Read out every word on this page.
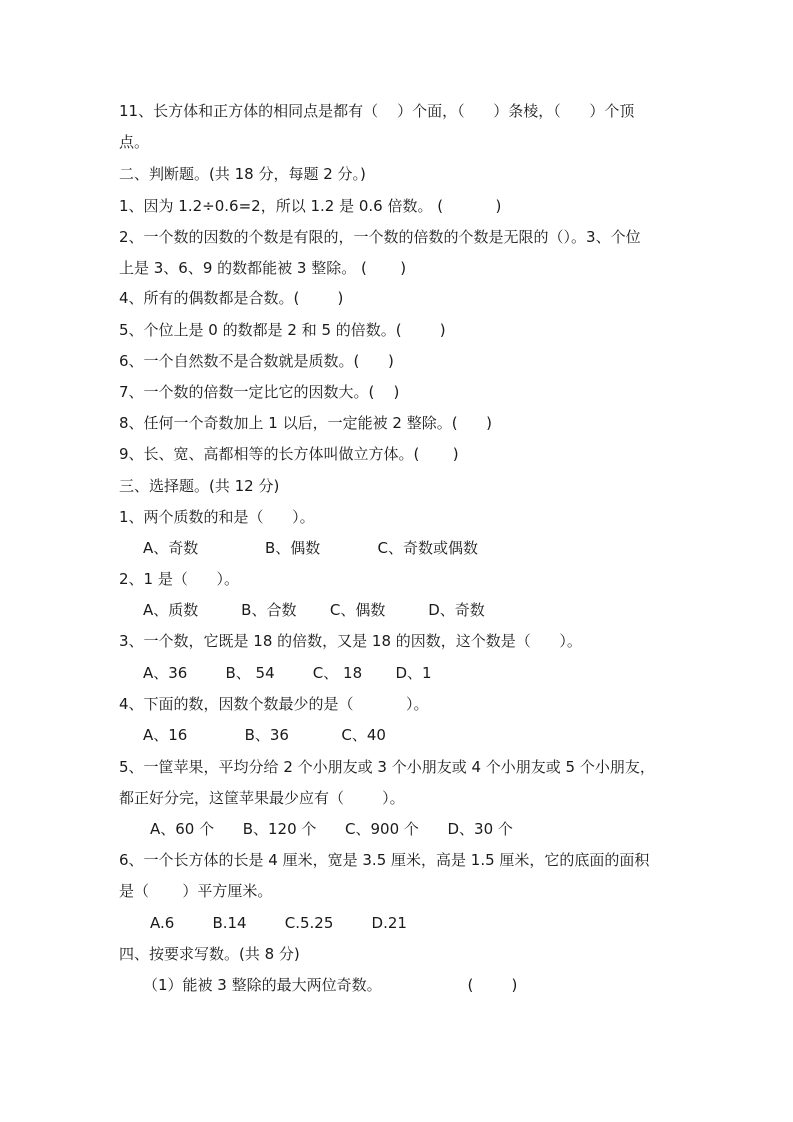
11、长方体和正方体的相同点是都有（    ）个面，（      ）条棱，（      ）个顶
点。
二、判断题。(共 18 分，每题 2 分。)
1、因为 1.2÷0.6=2，所以 1.2 是 0.6 倍数。 (           )
2、一个数的因数的个数是有限的，一个数的倍数的个数是无限的（）。3、个位
上是 3、6、9 的数都能被 3 整除。 (       )
4、所有的偶数都是合数。(        )
5、个位上是 0 的数都是 2 和 5 的倍数。(        )
6、一个自然数不是合数就是质数。(      )
7、一个数的倍数一定比它的因数大。(    )
8、任何一个奇数加上 1 以后，一定能被 2 整除。(      )
9、长、宽、高都相等的长方体叫做立方体。(       )
三、选择题。(共 12 分)
1、两个质数的和是（      ）。
A、奇数              B、偶数            C、奇数或偶数
2、1 是（      ）。
A、质数         B、合数       C、偶数         D、奇数
3、一个数，它既是 18 的倍数，又是 18 的因数，这个数是（      ）。
A、36        B、 54        C、 18       D、1
4、下面的数，因数个数最少的是（           ）。
A、16            B、36           C、40
5、一筐苹果，平均分给 2 个小朋友或 3 个小朋友或 4 个小朋友或 5 个小朋友，
都正好分完，这筐苹果最少应有（        ）。
A、60 个      B、120 个      C、900 个      D、30 个
6、一个长方体的长是 4 厘米，宽是 3.5 厘米，高是 1.5 厘米，它的底面的面积
是（       ）平方厘米。
A.6        B.14        C.5.25        D.21
四、按要求写数。(共 8 分)
（1）能被 3 整除的最大两位奇数。                  (        )
